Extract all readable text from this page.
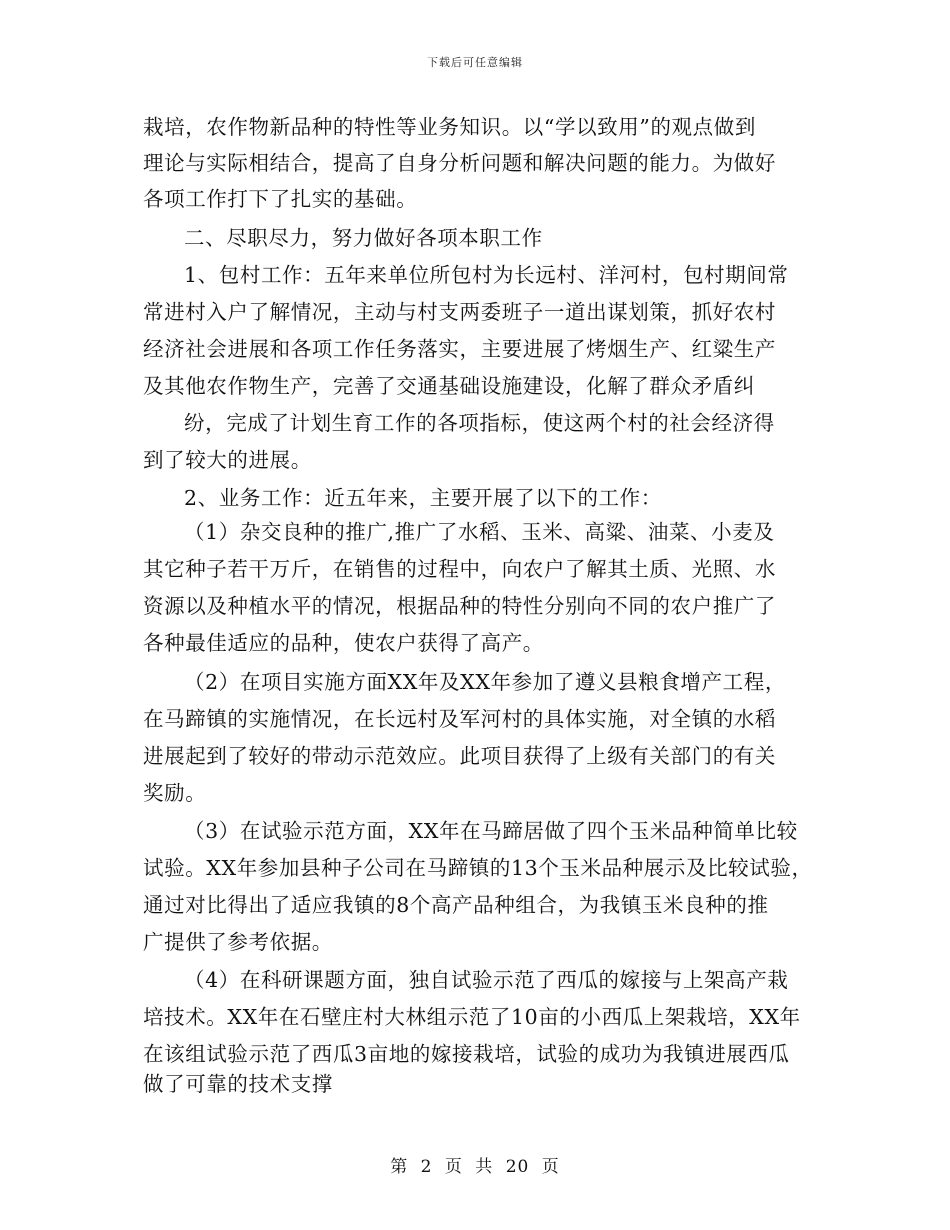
下载后可任意编辑
栽培，农作物新品种的特性等业务知识。以“学以致用”的观点做到
理论与实际相结合，提高了自身分析问题和解决问题的能力。为做好
各项工作打下了扎实的基础。
二、尽职尽力，努力做好各项本职工作
1、包村工作：五年来单位所包村为长远村、洋河村，包村期间常
常进村入户了解情况，主动与村支两委班子一道出谋划策，抓好农村
经济社会进展和各项工作任务落实，主要进展了烤烟生产、红粱生产
及其他农作物生产，完善了交通基础设施建设，化解了群众矛盾纠
纷，完成了计划生育工作的各项指标，使这两个村的社会经济得
到了较大的进展。
2、业务工作：近五年来，主要开展了以下的工作：
（1）杂交良种的推广,推广了水稻、玉米、高粱、油菜、小麦及
其它种子若干万斤，在销售的过程中，向农户了解其土质、光照、水
资源以及种植水平的情况，根据品种的特性分别向不同的农户推广了
各种最佳适应的品种，使农户获得了高产。
（2）在项目实施方面XX年及XX年参加了遵义县粮食增产工程，
在马蹄镇的实施情况，在长远村及军河村的具体实施，对全镇的水稻
进展起到了较好的带动示范效应。此项目获得了上级有关部门的有关
奖励。
（3）在试验示范方面，XX年在马蹄居做了四个玉米品种简单比较
试验。XX年参加县种子公司在马蹄镇的13个玉米品种展示及比较试验，
通过对比得出了适应我镇的8个高产品种组合，为我镇玉米良种的推
广提供了参考依据。
（4）在科研课题方面，独自试验示范了西瓜的嫁接与上架高产栽
培技术。XX年在石壁庄村大林组示范了10亩的小西瓜上架栽培，XX年
在该组试验示范了西瓜3亩地的嫁接栽培，试验的成功为我镇进展西瓜做了可靠的技术支撑
第 2 页 共 20 页
